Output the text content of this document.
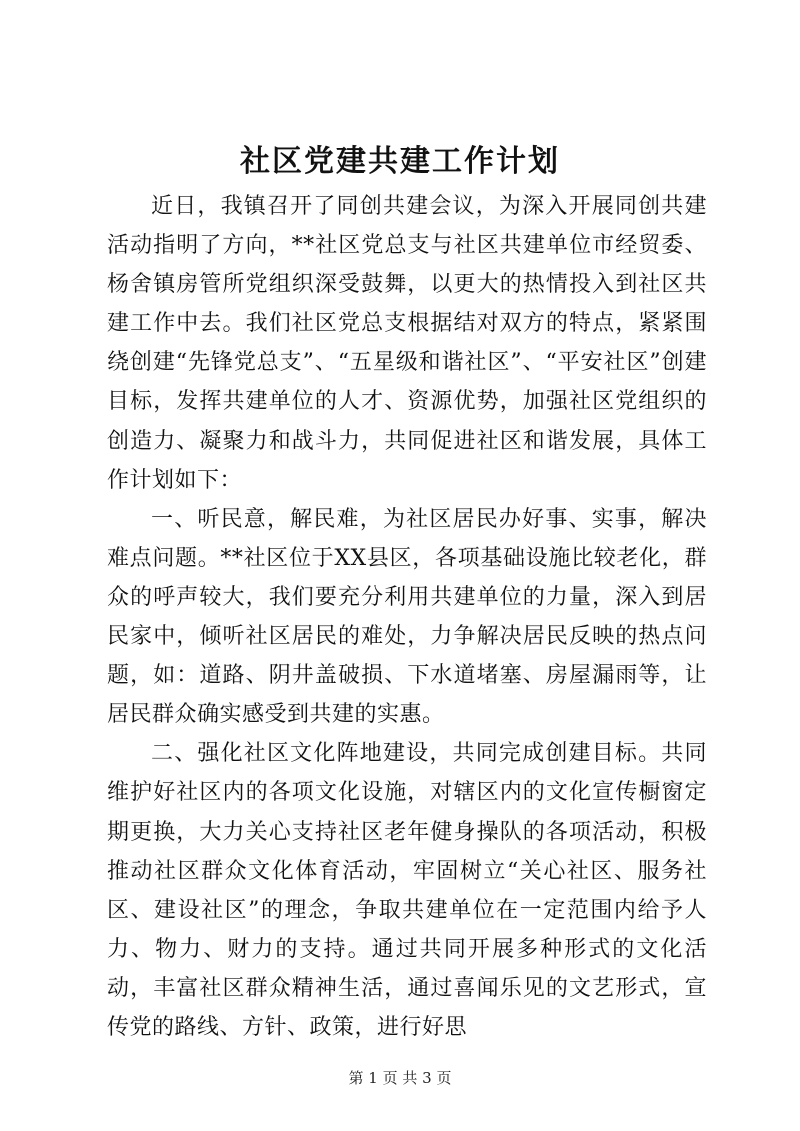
社区党建共建工作计划

近日，我镇召开了同创共建会议，为深入开展同创共建活动指明了方向，**社区党总支与社区共建单位市经贸委、杨舍镇房管所党组织深受鼓舞，以更大的热情投入到社区共建工作中去。我们社区党总支根据结对双方的特点，紧紧围绕创建“先锋党总支”、“五星级和谐社区”、“平安社区”创建目标，发挥共建单位的人才、资源优势，加强社区党组织的创造力、凝聚力和战斗力，共同促进社区和谐发展，具体工作计划如下：

一、听民意，解民难，为社区居民办好事、实事，解决难点问题。**社区位于XX县区，各项基础设施比较老化，群众的呼声较大，我们要充分利用共建单位的力量，深入到居民家中，倾听社区居民的难处，力争解决居民反映的热点问题，如：道路、阴井盖破损、下水道堵塞、房屋漏雨等，让居民群众确实感受到共建的实惠。

二、强化社区文化阵地建设，共同完成创建目标。共同维护好社区内的各项文化设施，对辖区内的文化宣传橱窗定期更换，大力关心支持社区老年健身操队的各项活动，积极推动社区群众文化体育活动，牢固树立“关心社区、服务社区、建设社区”的理念，争取共建单位在一定范围内给予人力、物力、财力的支持。通过共同开展多种形式的文化活动，丰富社区群众精神生活，通过喜闻乐见的文艺形式，宣传党的路线、方针、政策，进行好思

第 1 页 共 3 页
